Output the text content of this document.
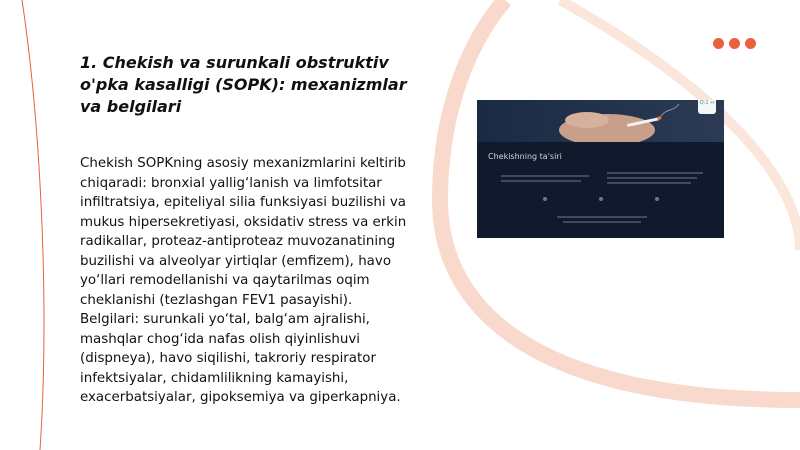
1. Chekish va surunkali obstruktiv o'pka kasalligi (SOPK): mexanizmlar va belgilari

Chekish SOPKning asosiy mexanizmlarini keltirib chiqaradi: bronxial yallig‘lanish va limfotsitar infiltratsiya, epiteliyal silia funksiyasi buzilishi va mukus hipersekretiyasi, oksidativ stress va erkin radikallar, proteaz-antiproteaz muvozanatining buzilishi va alveolyar yirtiqlar (emfizem), havo yo‘llari remodellanishi va qaytarilmas oqim cheklanishi (tezlashgan FEV1 pasayishi). Belgilari: surunkali yo‘tal, balg‘am ajralishi, mashqlar chog‘ida nafas olish qiyinlishuvi (dispneya), havo siqilishi, takroriy respirator infektsiyalar, chidamlilikning kamayishi, exacerbatsiyalar, gipoksemiya va giperkapniya.

Q:1 ↔
Chekishning ta'siri
